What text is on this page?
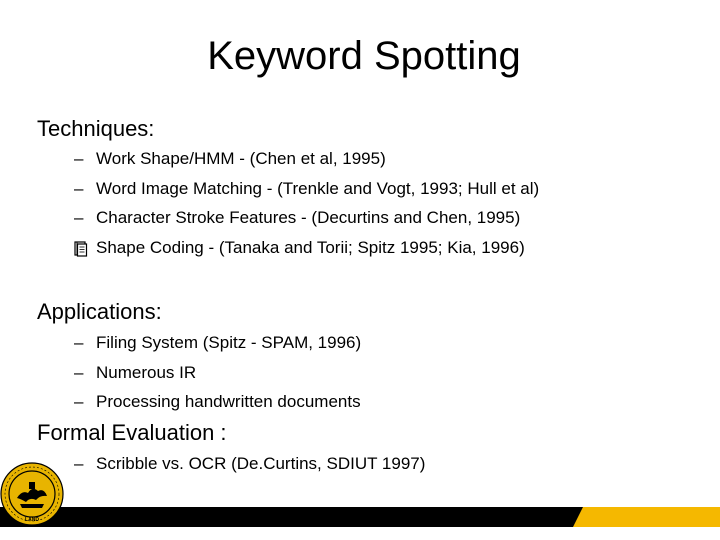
Keyword Spotting
Techniques:
– Work Shape/HMM - (Chen et al, 1995)
– Word Image Matching - (Trenkle and Vogt, 1993; Hull et al)
– Character Stroke Features - (Decurtins and Chen, 1995)
Shape Coding - (Tanaka and Torii; Spitz 1995; Kia, 1996)
Applications:
– Filing System (Spitz - SPAM, 1996)
– Numerous IR
– Processing handwritten documents
Formal Evaluation :
– Scribble vs. OCR (De.Curtins, SDIUT 1997)
LAND
